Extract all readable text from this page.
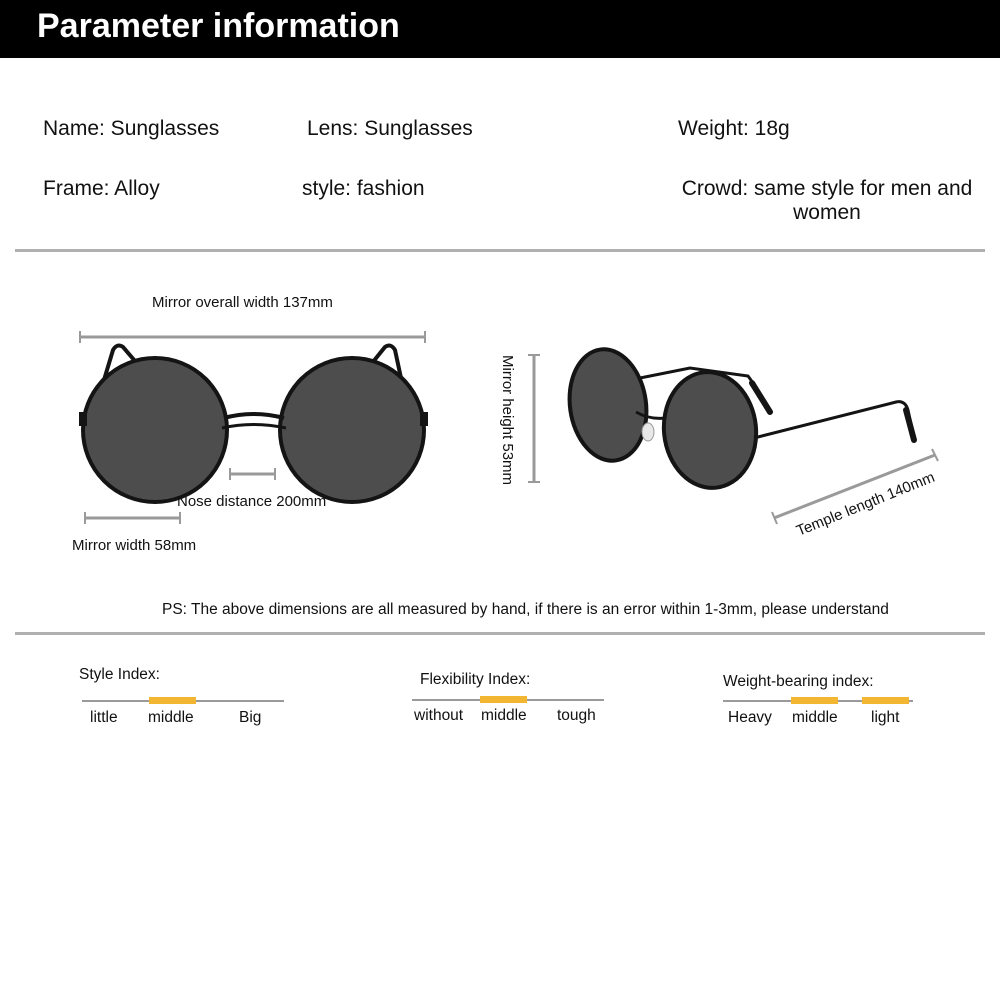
Parameter information
Name: Sunglasses	Lens: Sunglasses	Weight: 18g
Frame: Alloy	style: fashion	Crowd: same style for men and women
Mirror overall width 137mm
Nose distance 200mm
Mirror width 58mm
Mirror height 53mm
Temple length 140mm
PS: The above dimensions are all measured by hand, if there is an error within 1-3mm, please understand
Style Index:
little middle	Big
Flexibility Index:
without middle tough
Weight-bearing index:
Heavy middle light
